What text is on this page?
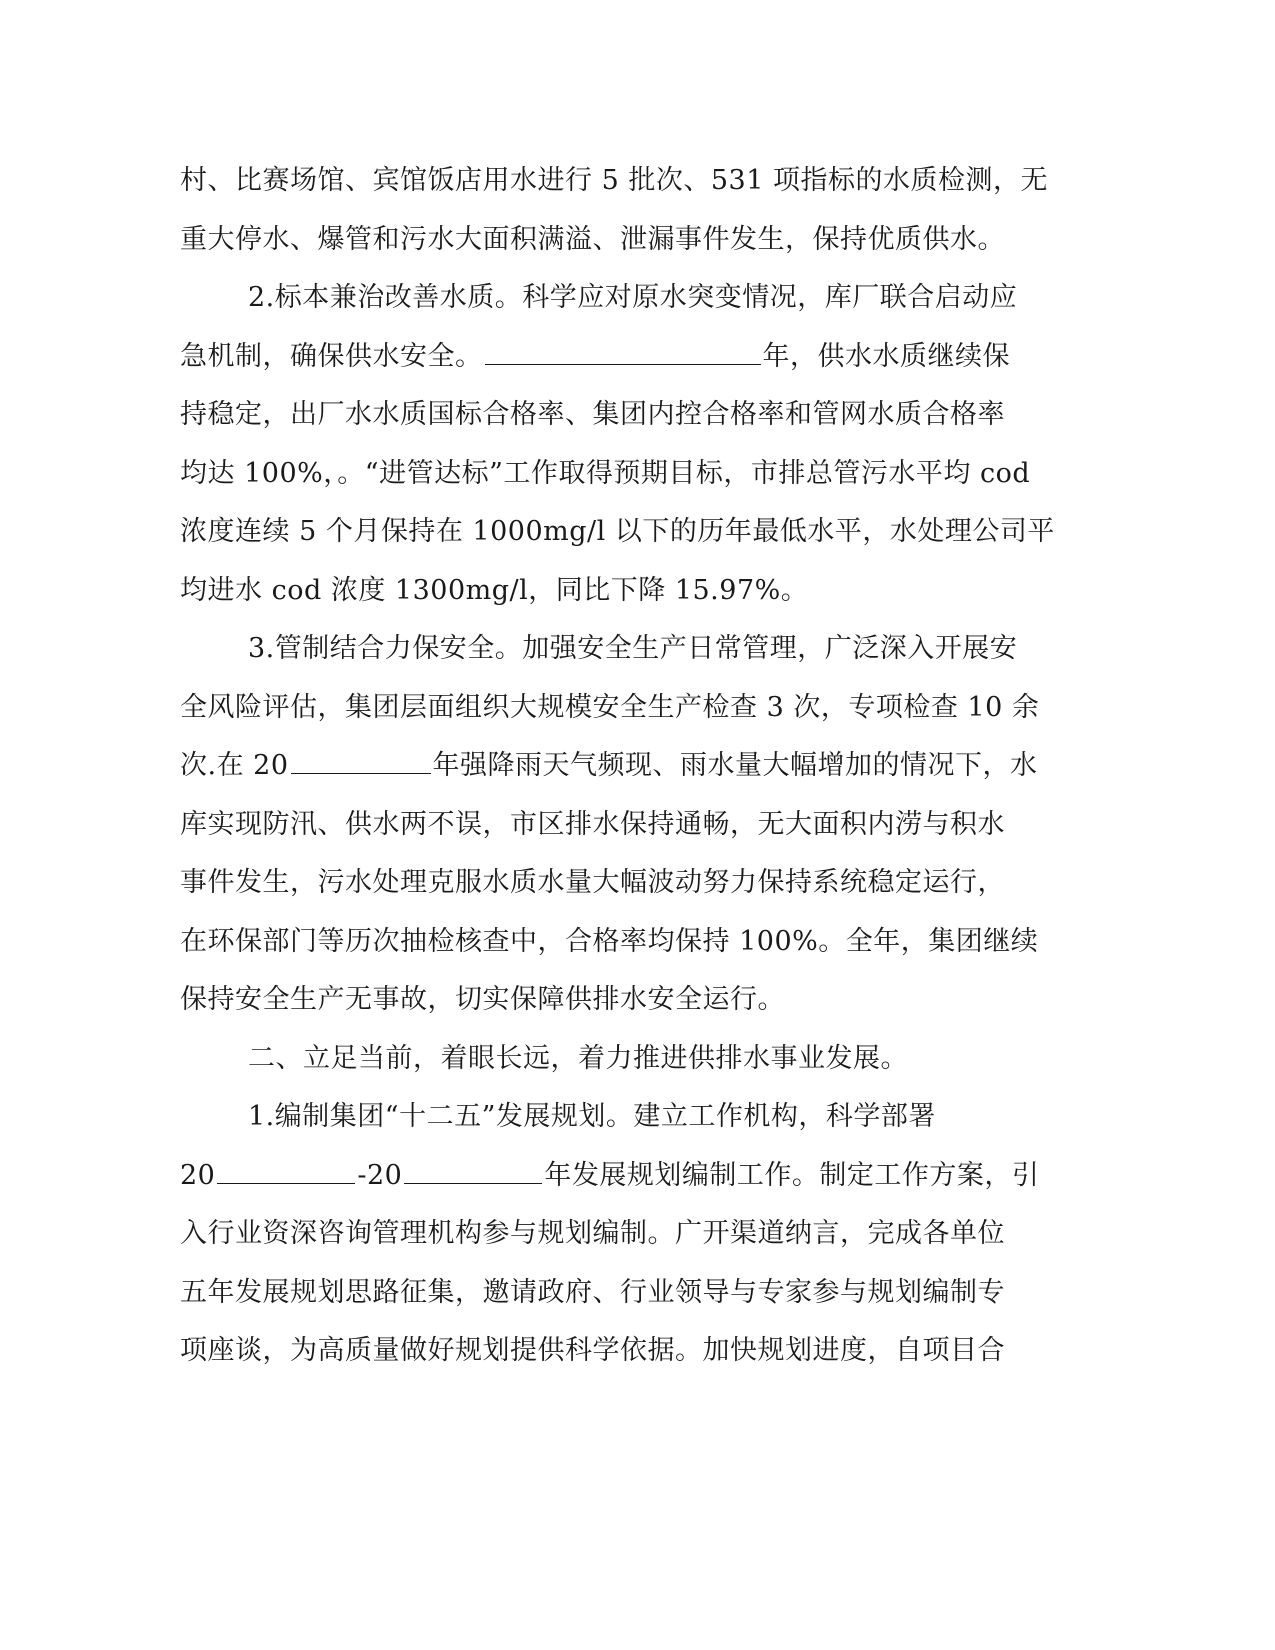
村、比赛场馆、宾馆饭店用水进行 5 批次、531 项指标的水质检测，无
重大停水、爆管和污水大面积满溢、泄漏事件发生，保持优质供水。
2.标本兼治改善水质。科学应对原水突变情况，库厂联合启动应
急机制，确保供水安全。	年，供水水质继续保
持稳定，出厂水水质国标合格率、集团内控合格率和管网水质合格率
均达 100%，。“进管达标”工作取得预期目标，市排总管污水平均 cod
浓度连续 5 个月保持在 1000mg/l 以下的历年最低水平，水处理公司平
均进水 cod 浓度 1300mg/l，同比下降 15.97%。
3.管制结合力保安全。加强安全生产日常管理，广泛深入开展安
全风险评估，集团层面组织大规模安全生产检查 3 次，专项检查 10 余
次.在 20	年强降雨天气频现、雨水量大幅增加的情况下，水
库实现防汛、供水两不误，市区排水保持通畅，无大面积内涝与积水
事件发生，污水处理克服水质水量大幅波动努力保持系统稳定运行，
在环保部门等历次抽检核查中，合格率均保持 100%。全年，集团继续
保持安全生产无事故，切实保障供排水安全运行。
二、立足当前，着眼长远，着力推进供排水事业发展。
1.编制集团“十二五”发展规划。建立工作机构，科学部署
20	-20	年发展规划编制工作。制定工作方案，引
入行业资深咨询管理机构参与规划编制。广开渠道纳言，完成各单位
五年发展规划思路征集，邀请政府、行业领导与专家参与规划编制专
项座谈，为高质量做好规划提供科学依据。加快规划进度，自项目合
